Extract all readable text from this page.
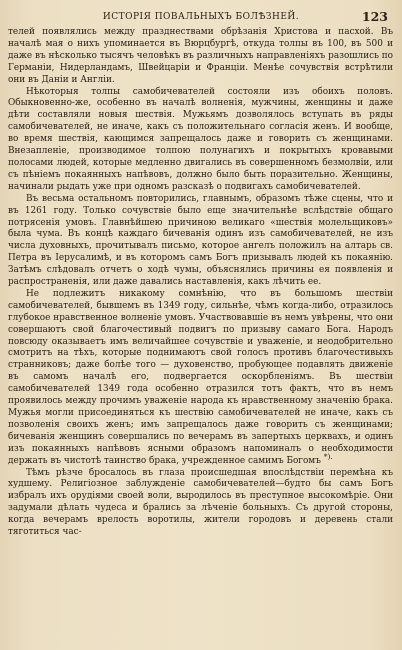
ИСТОРІЯ ПОВАЛЬНЫХЪ БОЛѢЗНЕЙ.	123

телей появлялись между празднествами обрѣзанія Христова и пасхой. Въ началѣ мая о нихъ упоминается въ Вюрцбургѣ, откуда толпы въ 100, въ 500 и даже въ нѣсколько тысячъ человѣкъ въ различныхъ направленіяхъ разошлись по Германіи, Нидерландамъ, Швейцаріи и Франціи. Менѣе сочувствія встрѣтили они въ Даніи и Англіи.

Нѣкоторыя толпы самобичевателей состояли изъ обоихъ половъ. Обыкновенно-же, особенно въ началѣ волненія, мужчины, женщины и даже дѣти составляли новыя шествія. Мужьямъ дозволялось вступать въ ряды самобичевателей, не иначе, какъ съ положительнаго согласія женъ. И вообще, во время шествія, кающимся запрещалось даже и говорить съ женщинами. Внезапленіе, производимое толпою полунагихъ и покрытыхъ кровавыми полосами людей, которые медленно двигались въ совершенномъ безмолвіи, или съ пѣніемъ покаянныхъ напѣвовъ, должно было быть поразительно. Женщины, начинали рыдать уже при одномъ разсказѣ о подвигахъ самобичевателей.

Въ весьма остальномъ повторились, главнымъ, образомъ тѣже сцены, что и въ 1261 году. Только сочувствіе было еще значительнѣе вслѣдствіе общаго потрясенія умовъ. Главнѣйшею причиною великаго «шествія молельщиковъ» была чума. Въ концѣ каждаго бичеванія одинъ изъ самобичевателей, не изъ числа духовныхъ, прочитывалъ письмо, которое ангелъ положилъ на алтарь св. Петра въ Іерусалимѣ, и въ которомъ самъ Богъ призывалъ людей къ покаянію. Затѣмъ слѣдовалъ отчетъ о ходѣ чумы, объяснялись причины ея появленія и распространенія, или даже давались наставленія, какъ лѣчить ее.

Не подлежитъ никакому сомнѣнію, что въ большомъ шествіи самобичевателей, бывшемъ въ 1349 году, сильнѣе, чѣмъ когда-либо, отразилось глубокое нравственное волненіе умовъ. Участвовавшіе въ немъ увѣрены, что они совершаютъ свой благочестивый подвигъ по призыву самаго Бога. Народъ повсюду оказываетъ имъ величайшее сочувствіе и уваженіе, и неодобрительно смотритъ на тѣхъ, которые поднимаютъ свой голосъ противъ благочестивыхъ странниковъ; даже болѣе того — духовенство, пробующее подавлять движеніе въ самомъ началѣ его, подвергается оскорбленіямъ. Въ шествіи самобичевателей 1349 года особенно отразился тотъ фактъ, что въ немъ проявилось между прочимъ уваженіе народа къ нравственному значенію брака. Мужья могли присоединяться къ шествію самобичевателей не иначе, какъ съ позволенія своихъ женъ; имъ запрещалось даже говорить съ женщинами; бичеванія женщинъ совершались по вечерамъ въ запертыхъ церквахъ, и одинъ изъ покаянныхъ напѣвовъ ясными образомъ напоминалъ о необходимости держать въ чистотѣ таинство брака, учрежденное самимъ Богомъ *).

Тѣмъ рѣзче бросалось въ глаза происшедшая впослѣдствіи перемѣна къ худшему. Религіозное заблужденіе самобичевателей—будто бы самъ Богъ избралъ ихъ орудіями своей воли, выродилось въ преступное высокомѣріе. Они задумали дѣлать чудеса и брались за лѣченіе больныхъ. Съ другой стороны, когда вечерамъ врелость воротилы, жители городовъ и деревень стали тяготиться час-
